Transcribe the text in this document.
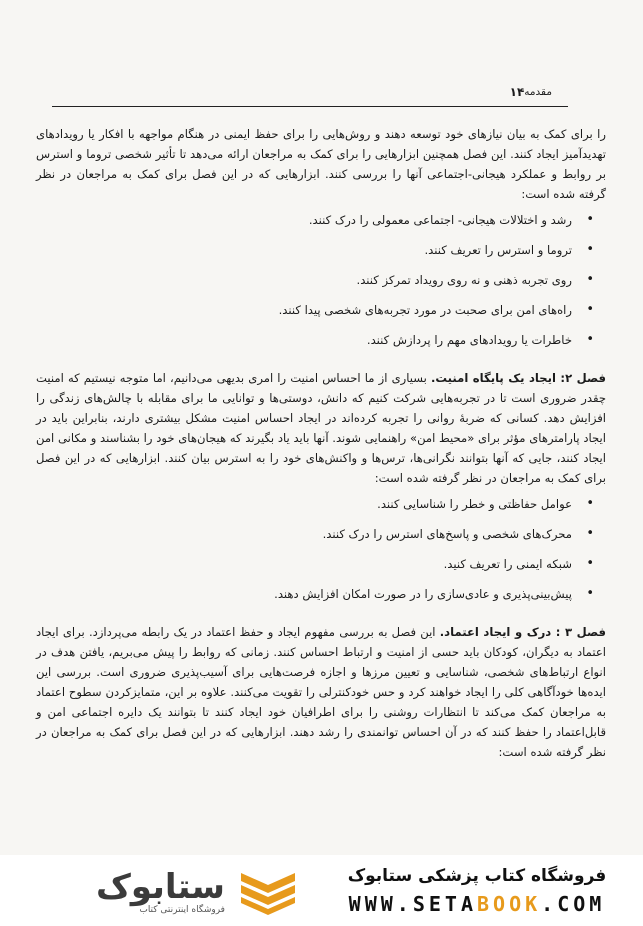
مقدمه
۱۴

را برای کمک به بیان نیازهای خود توسعه دهند و روش‌هایی را برای حفظ ایمنی در هنگام مواجهه با افکار یا رویدادهای تهدیدآمیز ایجاد کنند. این فصل همچنین ابزارهایی را برای کمک به مراجعان ارائه می‌دهد تا تأثیر شخصی تروما و استرس بر روابط و عملکرد هیجانی-اجتماعی آنها را بررسی کنند. ابزارهایی که در این فصل برای کمک به مراجعان در نظر گرفته شده است:

• رشد و اختلالات هیجانی- اجتماعی معمولی را درک کنند.
• تروما و استرس را تعریف کنند.
• روی تجربه ذهنی و نه روی رویداد تمرکز کنند.
• راه‌های امن برای صحبت در مورد تجربه‌های شخصی پیدا کنند.
• خاطرات یا رویدادهای مهم را پردازش کنند.

فصل ۲: ایجاد یک پایگاه امنیت. بسیاری از ما احساس امنیت را امری بدیهی می‌دانیم، اما متوجه نیستیم که امنیت چقدر ضروری است تا در تجربه‌هایی شرکت کنیم که دانش، دوستی‌ها و توانایی ما برای مقابله با چالش‌های زندگی را افزایش دهد. کسانی که ضربهٔ روانی را تجربه کرده‌اند در ایجاد احساس امنیت مشکل بیشتری دارند، بنابراین باید در ایجاد پارامترهای مؤثر برای «محیط امن» راهنمایی شوند. آنها باید یاد بگیرند که هیجان‌های خود را بشناسند و مکانی امن ایجاد کنند، جایی که آنها بتوانند نگرانی‌ها، ترس‌ها و واکنش‌های خود را به استرس بیان کنند. ابزارهایی که در این فصل برای کمک به مراجعان در نظر گرفته شده است:

• عوامل حفاظتی و خطر را شناسایی کنند.
• محرک‌های شخصی و پاسخ‌های استرس را درک کنند.
• شبکه ایمنی را تعریف کنید.
• پیش‌بینی‌پذیری و عادی‌سازی را در صورت امکان افزایش دهند.

فصل ۳ : درک و ایجاد اعتماد. این فصل به بررسی مفهوم ایجاد و حفظ اعتماد در یک رابطه می‌پردازد. برای ایجاد اعتماد به دیگران، کودکان باید حسی از امنیت و ارتباط احساس کنند. زمانی که روابط را پیش می‌بریم، یافتن هدف در انواع ارتباط‌های شخصی، شناسایی و تعیین مرزها و اجازه فرصت‌هایی برای آسیب‌پذیری ضروری است. بررسی این ایده‌ها خودآگاهی کلی را ایجاد خواهند کرد و حس خودکنترلی را تقویت می‌کنند. علاوه بر این، متمایزکردن سطوح اعتماد به مراجعان کمک می‌کند تا انتظارات روشنی را برای اطرافیان خود ایجاد کنند تا بتوانند یک دایره اجتماعی امن و قابل‌اعتماد را حفظ کنند که در آن احساس توانمندی را رشد دهند. ابزارهایی که در این فصل برای کمک به مراجعان در نظر گرفته شده است:

فروشگاه کتاب پزشکی ستابوک
WWW.SETABOOK.COM
ستابوک
فروشگاه اینترنتی کتاب
